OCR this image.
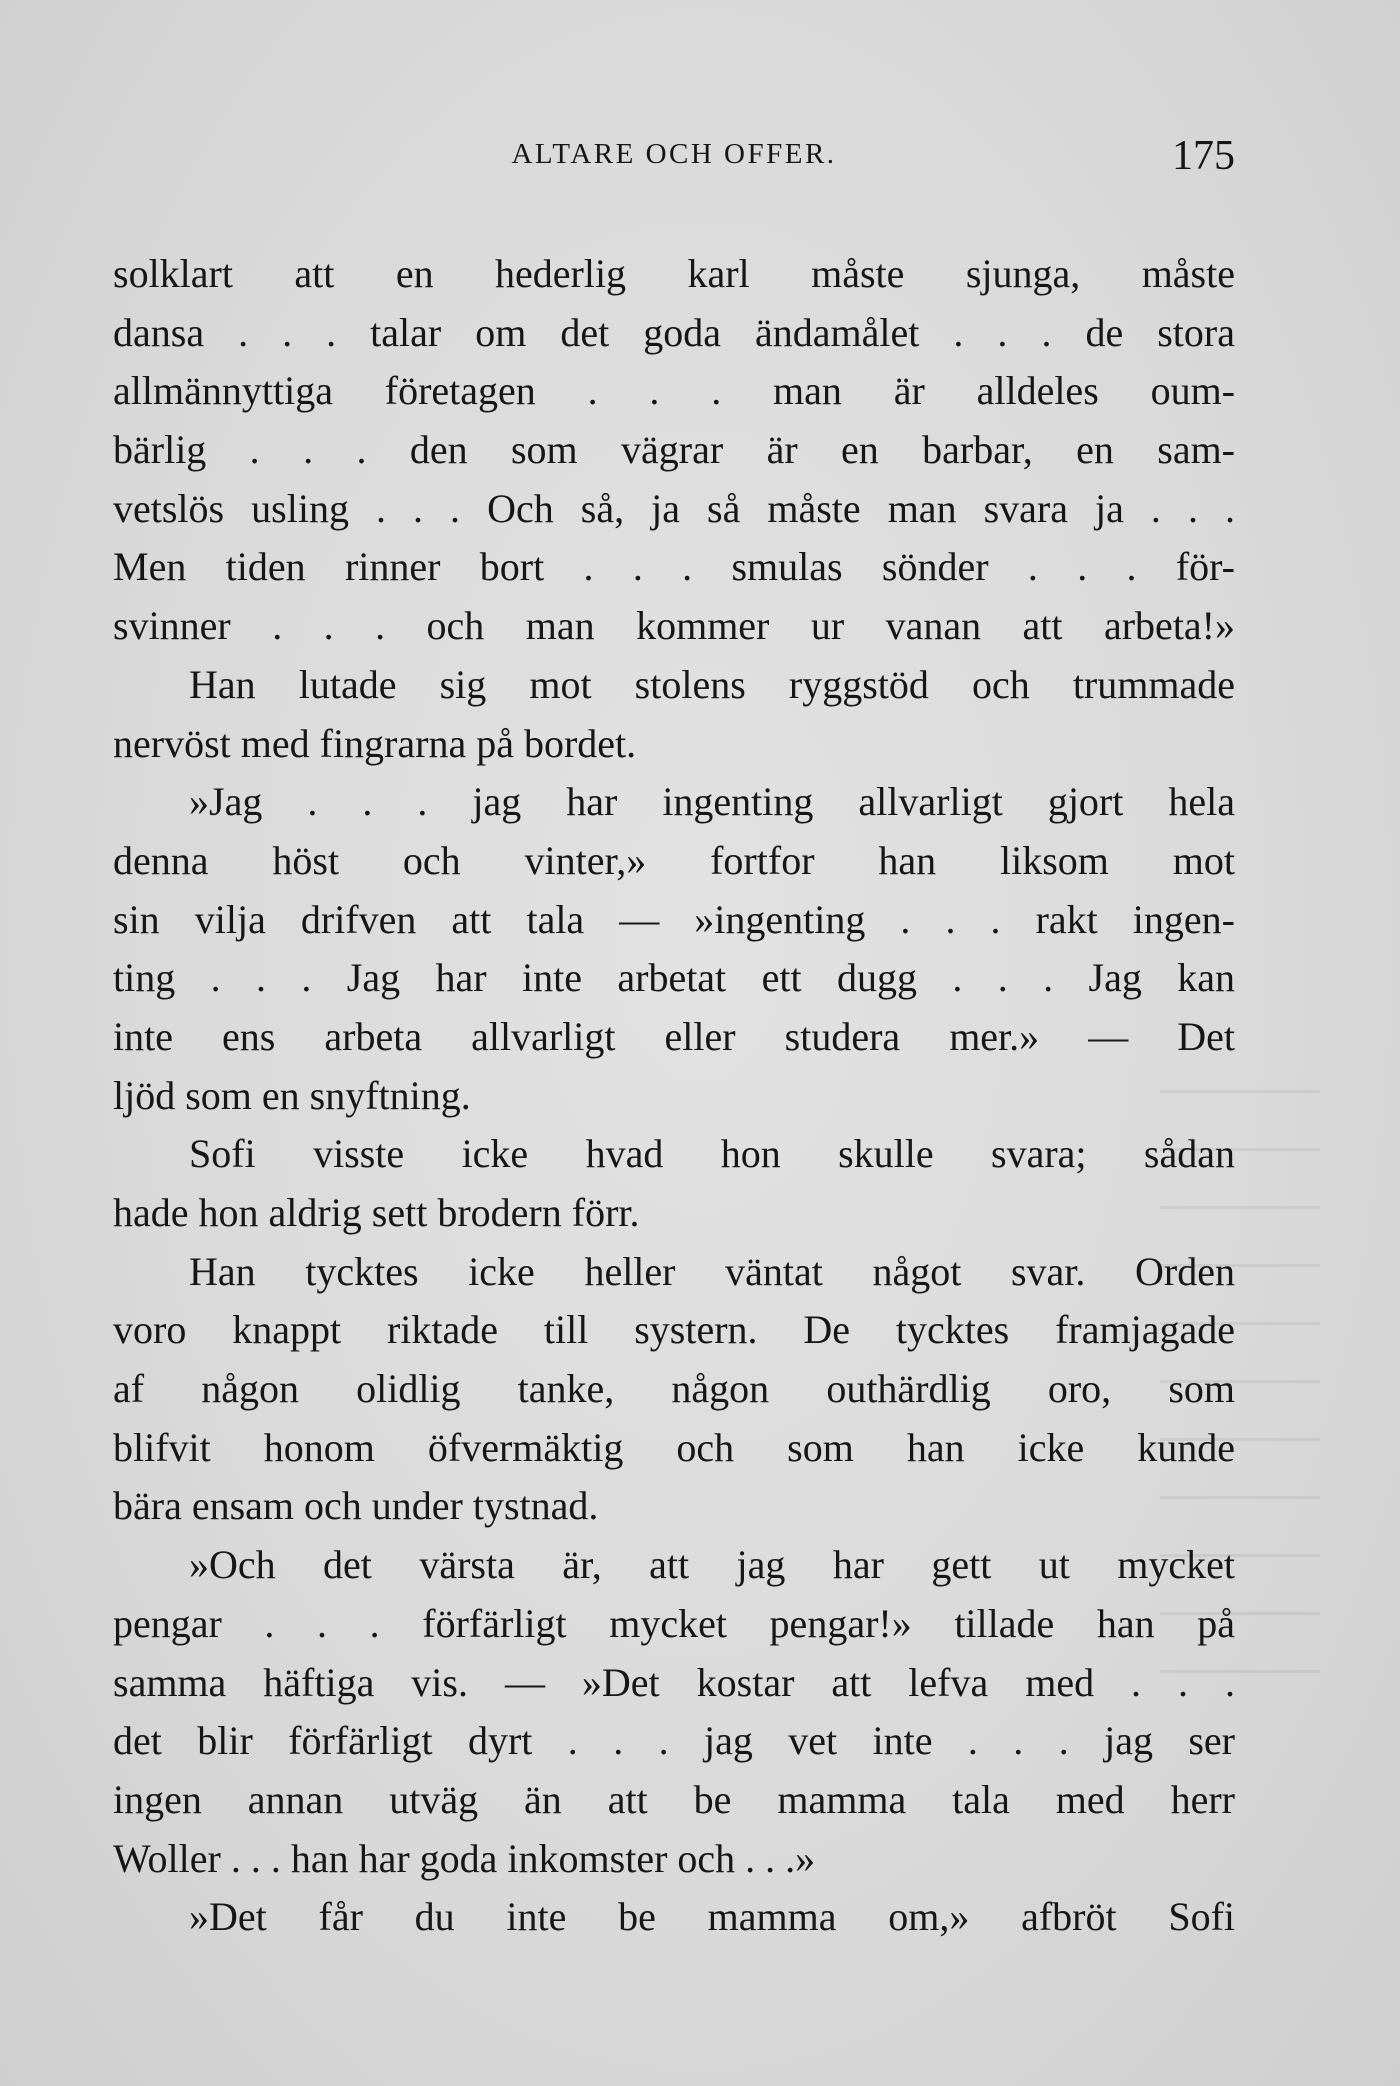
ALTARE OCH OFFER.	175
solklart att en hederlig karl måste sjunga, måste
dansa . . . talar om det goda ändamålet . . . de stora
allmännyttiga företagen . . . man är alldeles oum-
bärlig . . . den som vägrar är en barbar, en sam-
vetslös usling . . . Och så, ja så måste man svara ja . . .
Men tiden rinner bort . . . smulas sönder . . . för-
svinner . . . och man kommer ur vanan att arbeta!»
Han lutade sig mot stolens ryggstöd och trummade
nervöst med fingrarna på bordet.
»Jag . . . jag har ingenting allvarligt gjort hela
denna höst och vinter,» fortfor han liksom mot
sin vilja drifven att tala — »ingenting . . . rakt ingen-
ting . . . Jag har inte arbetat ett dugg . . . Jag kan
inte ens arbeta allvarligt eller studera mer.» — Det
ljöd som en snyftning.
Sofi visste icke hvad hon skulle svara; sådan
hade hon aldrig sett brodern förr.
Han tycktes icke heller väntat något svar. Orden
voro knappt riktade till systern. De tycktes framjagade
af någon olidlig tanke, någon outhärdlig oro, som
blifvit honom öfvermäktig och som han icke kunde
bära ensam och under tystnad.
»Och det värsta är, att jag har gett ut mycket
pengar . . . förfärligt mycket pengar!» tillade han på
samma häftiga vis. — »Det kostar att lefva med . . .
det blir förfärligt dyrt . . . jag vet inte . . . jag ser
ingen annan utväg än att be mamma tala med herr
Woller . . . han har goda inkomster och . . .»
»Det får du inte be mamma om,» afbröt Sofi
